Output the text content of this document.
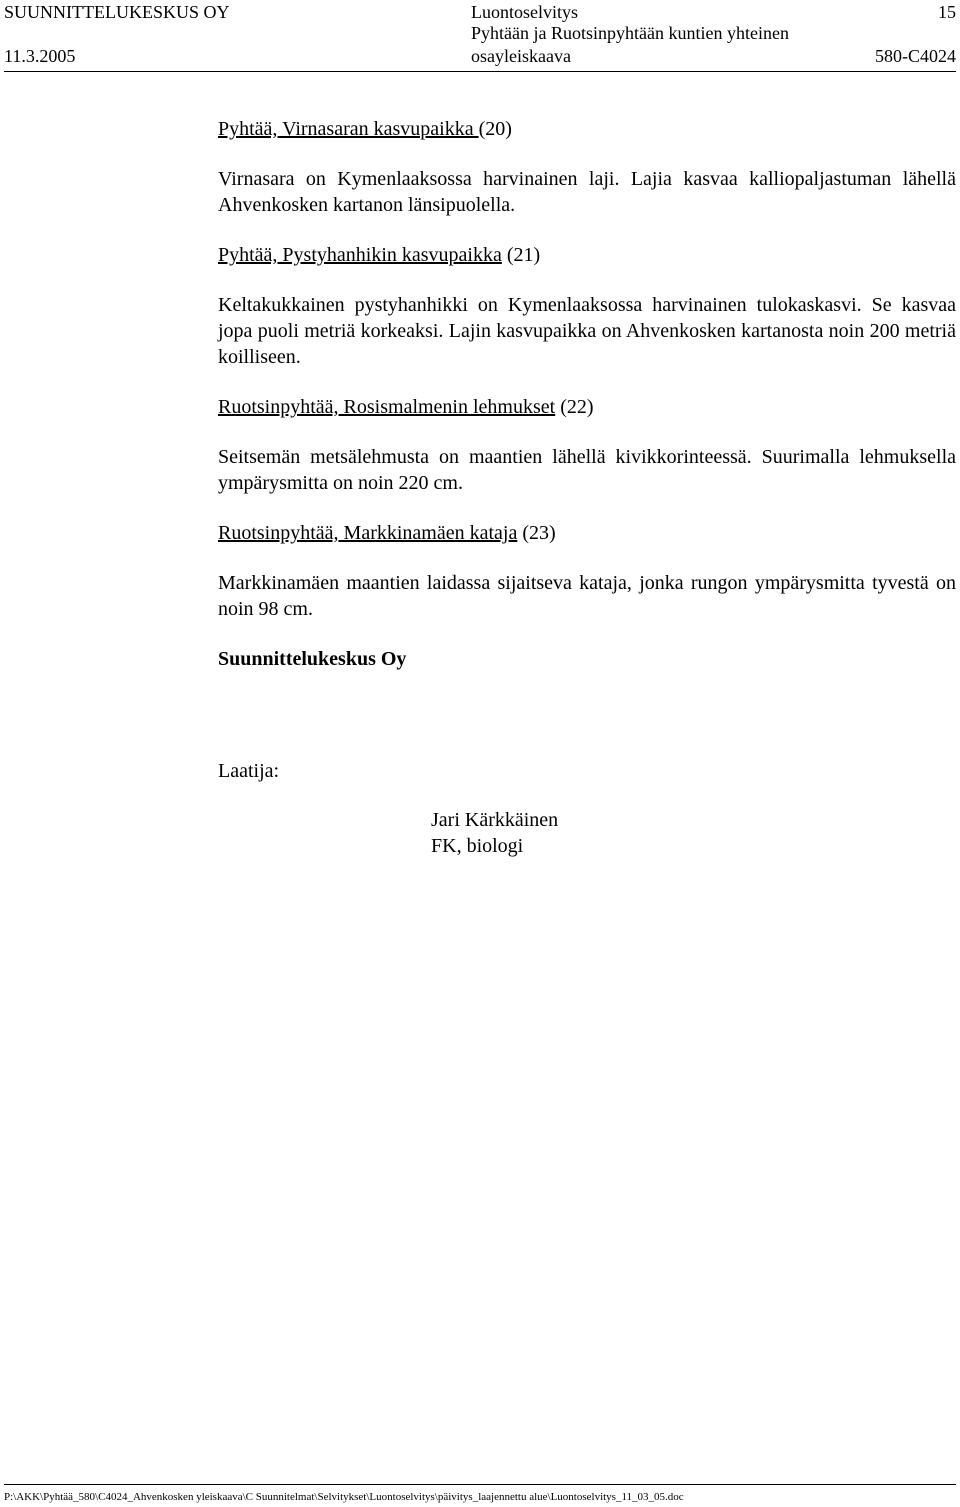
SUUNNITTELUKESKUS OY
11.3.2005
Luontoselvitys
Pyhtään ja Ruotsinpyhtään kuntien yhteinen
osayleiskaava
15
580-C4024

Pyhtää, Virnasaran kasvupaikka (20)

Virnasara on Kymenlaaksossa harvinainen laji. Lajia kasvaa kalliopaljastuman lähellä Ahvenkosken kartanon länsipuolella.

Pyhtää, Pystyhanhikin kasvupaikka (21)

Keltakukkainen pystyhanhikki on Kymenlaaksossa harvinainen tulokaskasvi. Se kasvaa jopa puoli metriä korkeaksi. Lajin kasvupaikka on Ahvenkosken kartanosta noin 200 metriä koilliseen.

Ruotsinpyhtää, Rosismalmenin lehmukset (22)

Seitsemän metsälehmusta on maantien lähellä kivikkorinteessä. Suurimalla lehmuksella ympärysmitta on noin 220 cm.

Ruotsinpyhtää, Markkinamäen kataja (23)

Markkinamäen maantien laidassa sijaitseva kataja, jonka rungon ympärysmitta tyvestä on noin 98 cm.

Suunnittelukeskus Oy

Laatija:

Jari Kärkkäinen
FK, biologi
P:\AKK\Pyhtää_580\C4024_Ahvenkosken yleiskaava\C Suunnitelmat\Selvitykset\Luontoselvitys\päivitys_laajennettu alue\Luontoselvitys_11_03_05.doc
